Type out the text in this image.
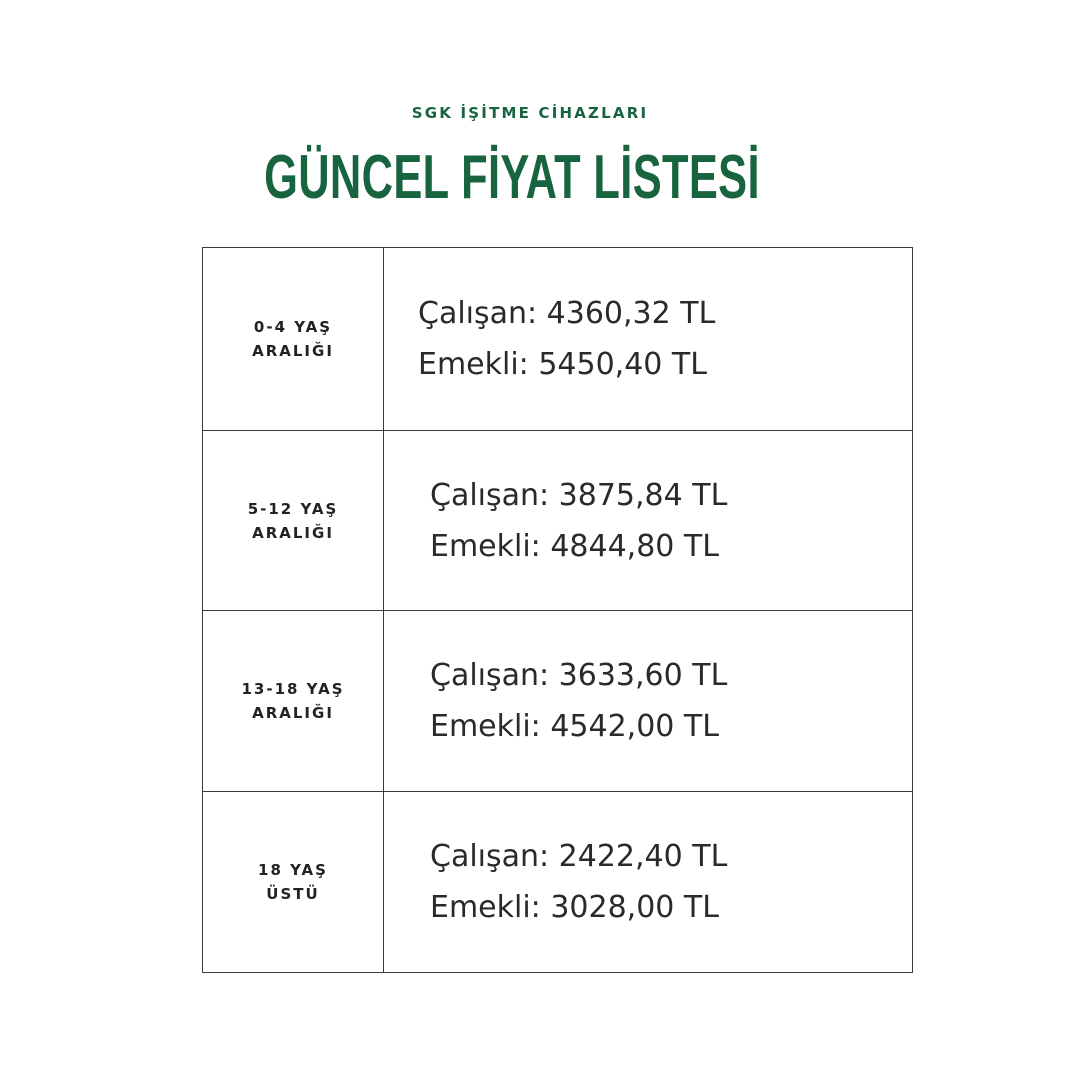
SGK İŞİTME CİHAZLARI
GÜNCEL FİYAT LİSTESİ
0-4 YAŞ
ARALIĞI	Çalışan: 4360,32 TL
Emekli: 5450,40 TL

5-12 YAŞ
ARALIĞI	Çalışan: 3875,84 TL
Emekli: 4844,80 TL

13-18 YAŞ
ARALIĞI	Çalışan: 3633,60 TL
Emekli: 4542,00 TL

18 YAŞ
ÜSTÜ	Çalışan: 2422,40 TL
Emekli: 3028,00 TL
